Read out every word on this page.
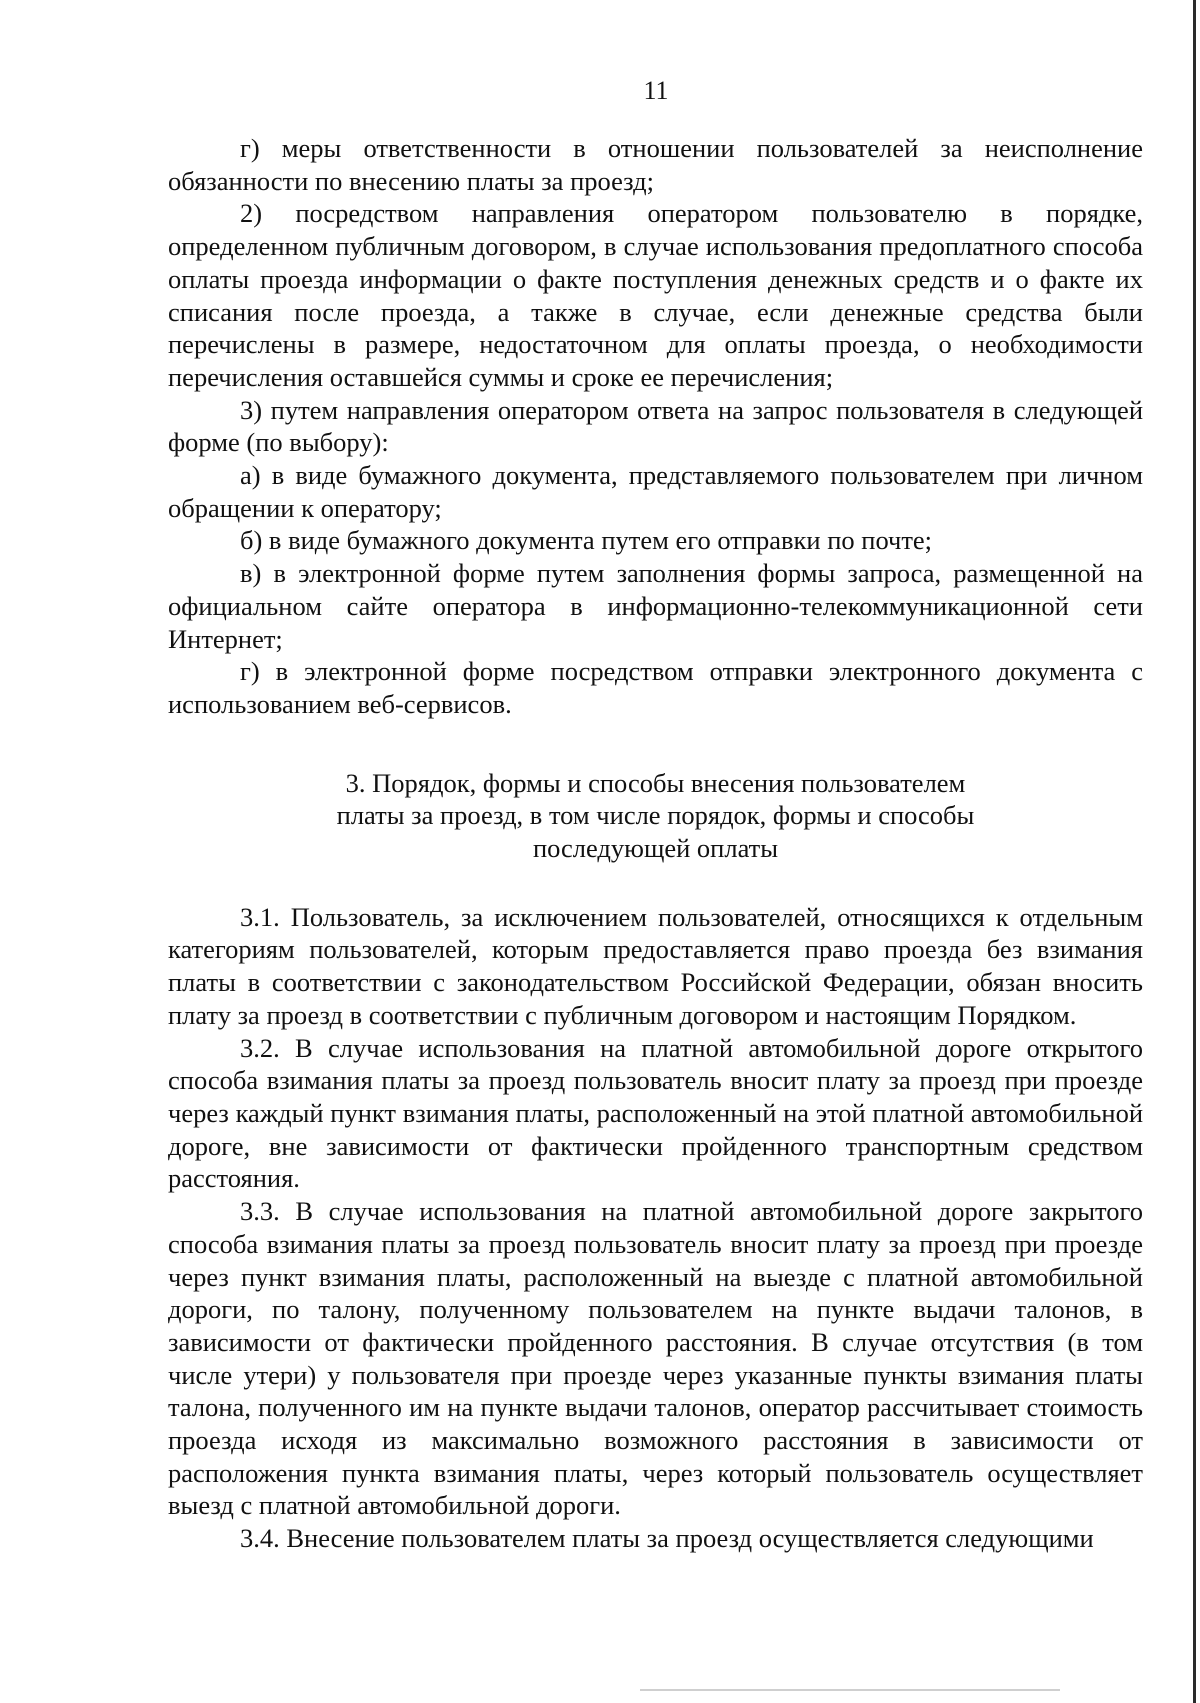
11

г) меры ответственности в отношении пользователей за неисполнение обязанности по внесению платы за проезд;

2) посредством направления оператором пользователю в порядке, определенном публичным договором, в случае использования предоплатного способа оплаты проезда информации о факте поступления денежных средств и о факте их списания после проезда, а также в случае, если денежные средства были перечислены в размере, недостаточном для оплаты проезда, о необходимости перечисления оставшейся суммы и сроке ее перечисления;

3) путем направления оператором ответа на запрос пользователя в следующей форме (по выбору):

а) в виде бумажного документа, представляемого пользователем при личном обращении к оператору;

б) в виде бумажного документа путем его отправки по почте;

в) в электронной форме путем заполнения формы запроса, размещенной на официальном сайте оператора в информационно-телекоммуникационной сети Интернет;

г) в электронной форме посредством отправки электронного документа с использованием веб-сервисов.

3. Порядок, формы и способы внесения пользователем
платы за проезд, в том числе порядок, формы и способы
последующей оплаты

3.1. Пользователь, за исключением пользователей, относящихся к отдельным категориям пользователей, которым предоставляется право проезда без взимания платы в соответствии с законодательством Российской Федерации, обязан вносить плату за проезд в соответствии с публичным договором и настоящим Порядком.

3.2. В случае использования на платной автомобильной дороге открытого способа взимания платы за проезд пользователь вносит плату за проезд при проезде через каждый пункт взимания платы, расположенный на этой платной автомобильной дороге, вне зависимости от фактически пройденного транспортным средством расстояния.

3.3. В случае использования на платной автомобильной дороге закрытого способа взимания платы за проезд пользователь вносит плату за проезд при проезде через пункт взимания платы, расположенный на выезде с платной автомобильной дороги, по талону, полученному пользователем на пункте выдачи талонов, в зависимости от фактически пройденного расстояния. В случае отсутствия (в том числе утери) у пользователя при проезде через указанные пункты взимания платы талона, полученного им на пункте выдачи талонов, оператор рассчитывает стоимость проезда исходя из максимально возможного расстояния в зависимости от расположения пункта взимания платы, через который пользователь осуществляет выезд с платной автомобильной дороги.

3.4. Внесение пользователем платы за проезд осуществляется следующими
